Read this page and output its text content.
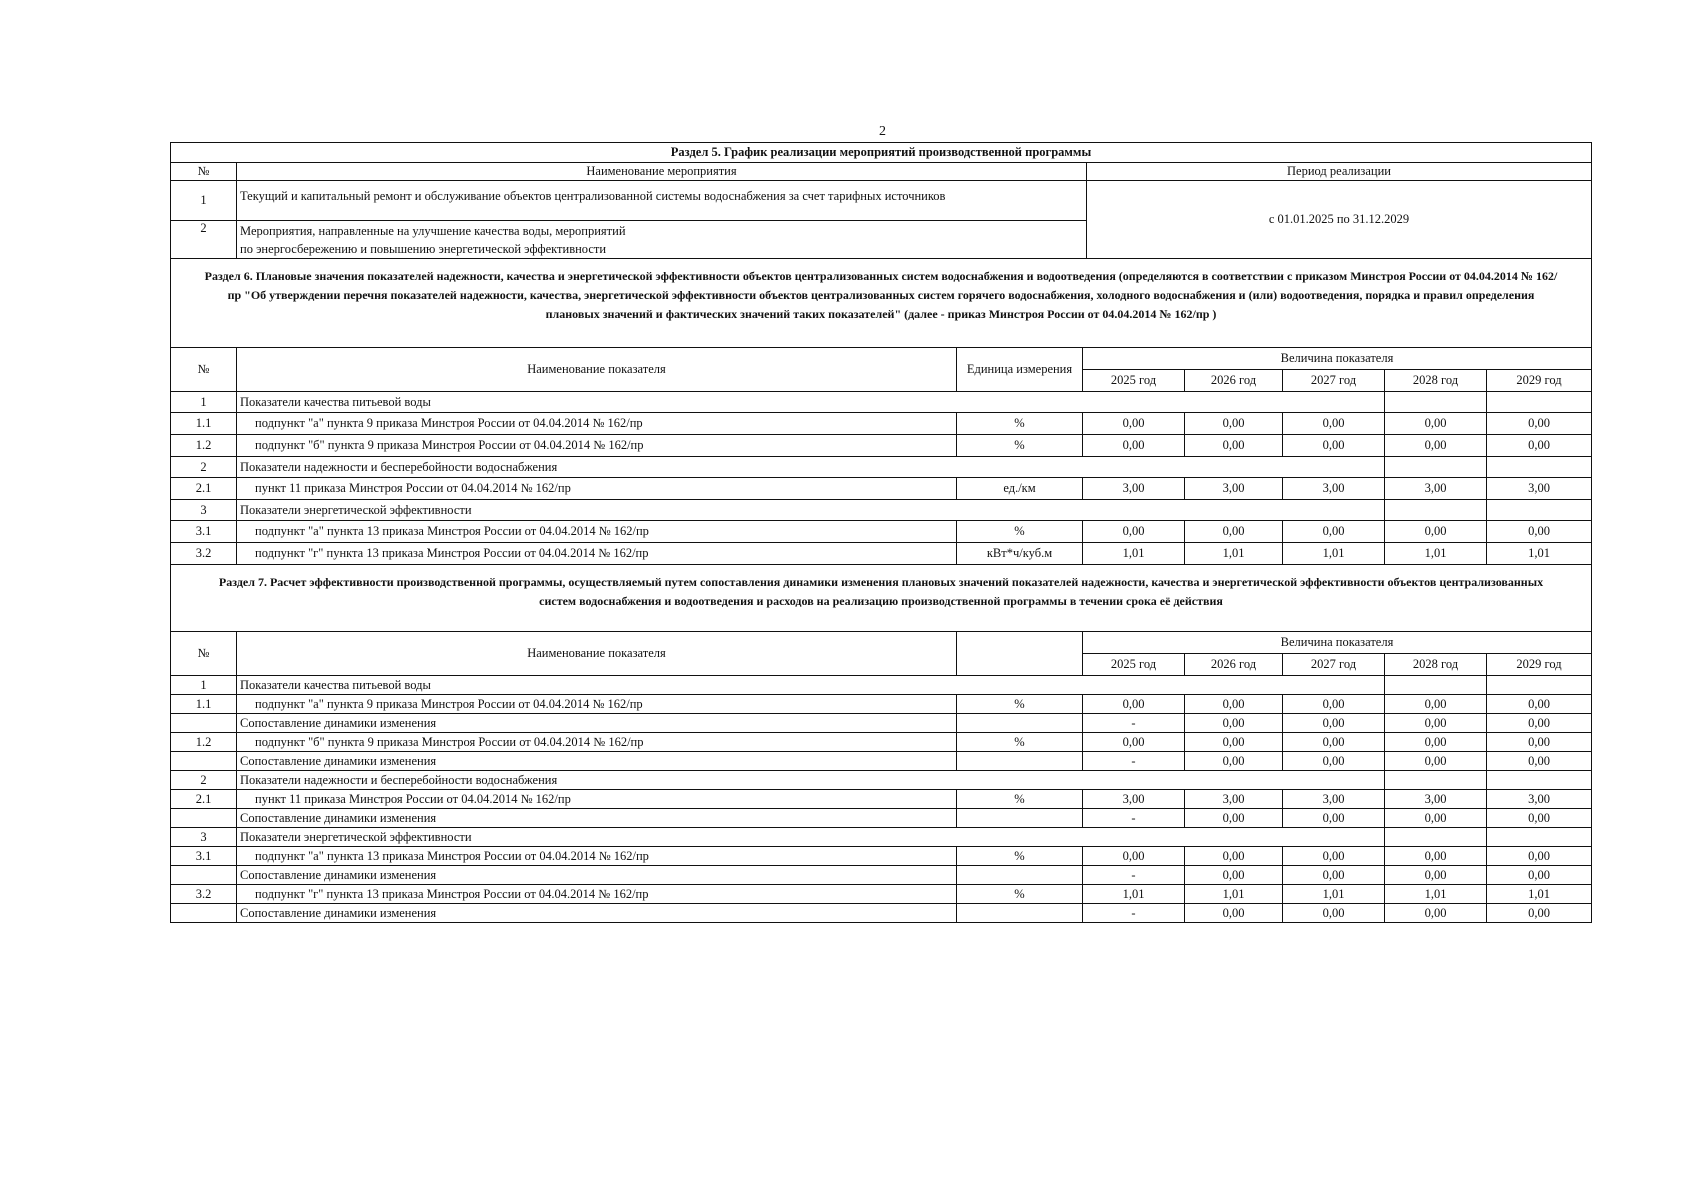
2
Раздел 5. График реализации мероприятий производственной программы		
№	Наименование мероприятия	Период реализации
1	Текущий и капитальный ремонт и обслуживание объектов централизованной системы водоснабжения за счет тарифных источников	с 01.01.2025 по 31.12.2029
2	Мероприятия, направленные на улучшение качества воды, мероприятий
по энергосбережению и повышению энергетической эффективности	
Раздел 6. Плановые значения показателей надежности, качества и энергетической эффективности объектов централизованных систем водоснабжения и водоотведения (определяются в соответствии с приказом Минстроя России от 04.04.2014 № 162/пр "Об утверждении перечня показателей надежности, качества, энергетической эффективности объектов централизованных систем горячего водоснабжения, холодного водоснабжения и (или) водоотведения, порядка и правил определения плановых значений и фактических значений таких показателей" (далее - приказ Минстроя России от 04.04.2014 № 162/пр )
№	Наименование показателя	Единица измерения	Величина показателя				
			2025 год	2026 год	2027 год	2028 год	2029 год
1	Показатели качества питьевой воды						
1.1	подпункт "а" пункта 9 приказа Минстроя России от 04.04.2014 № 162/пр	%	0,00	0,00	0,00	0,00	0,00
1.2	подпункт "б" пункта 9 приказа Минстроя России от 04.04.2014 № 162/пр	%	0,00	0,00	0,00	0,00	0,00
2	Показатели надежности и бесперебойности водоснабжения						
2.1	пункт 11 приказа Минстроя России от 04.04.2014 № 162/пр	ед./км	3,00	3,00	3,00	3,00	3,00
3	Показатели энергетической эффективности						
3.1	подпункт "а" пункта 13 приказа Минстроя России от 04.04.2014 № 162/пр	%	0,00	0,00	0,00	0,00	0,00
3.2	подпункт "г" пункта 13 приказа Минстроя России от 04.04.2014 № 162/пр	кВт*ч/куб.м	1,01	1,01	1,01	1,01	1,01
Раздел 7. Расчет эффективности производственной программы, осуществляемый путем сопоставления динамики изменения плановых значений показателей надежности, качества и энергетической эффективности объектов централизованных систем водоснабжения и водоотведения и расходов на реализацию производственной программы в течении срока её действия
№	Наименование показателя		Величина показателя				
			2025 год	2026 год	2027 год	2028 год	2029 год
1	Показатели качества питьевой воды						
1.1	подпункт "а" пункта 9 приказа Минстроя России от 04.04.2014 № 162/пр	%	0,00	0,00	0,00	0,00	0,00
	Сопоставление динамики изменения		-	0,00	0,00	0,00	0,00
1.2	подпункт "б" пункта 9 приказа Минстроя России от 04.04.2014 № 162/пр	%	0,00	0,00	0,00	0,00	0,00
	Сопоставление динамики изменения		-	0,00	0,00	0,00	0,00
2	Показатели надежности и бесперебойности водоснабжения						
2.1	пункт 11 приказа Минстроя России от 04.04.2014 № 162/пр	%	3,00	3,00	3,00	3,00	3,00
	Сопоставление динамики изменения		-	0,00	0,00	0,00	0,00
3	Показатели энергетической эффективности						
3.1	подпункт "а" пункта 13 приказа Минстроя России от 04.04.2014 № 162/пр	%	0,00	0,00	0,00	0,00	0,00
	Сопоставление динамики изменения		-	0,00	0,00	0,00	0,00
3.2	подпункт "г" пункта 13 приказа Минстроя России от 04.04.2014 № 162/пр	%	1,01	1,01	1,01	1,01	1,01
	Сопоставление динамики изменения		-	0,00	0,00	0,00	0,00
